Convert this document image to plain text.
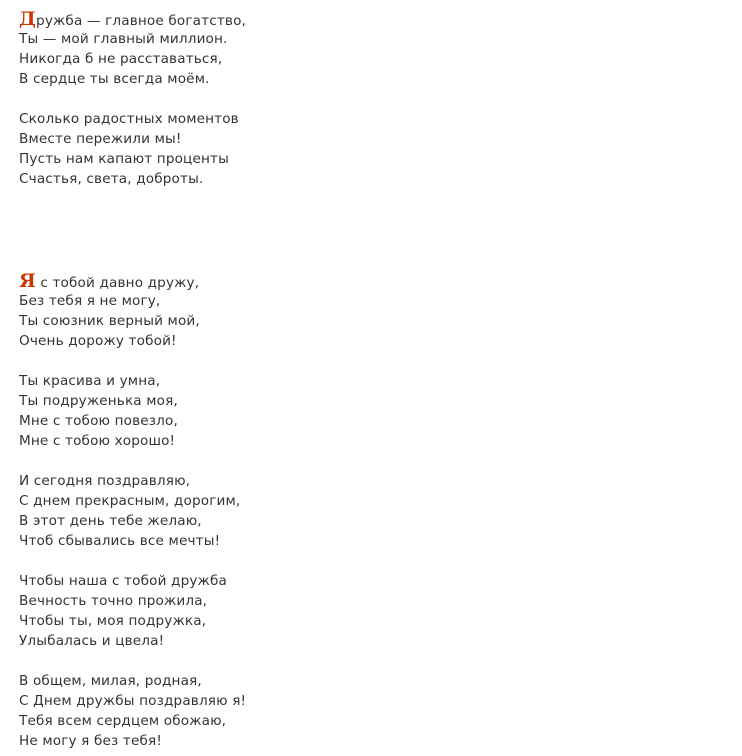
Дружба — главное богатство,
Ты — мой главный миллион.
Никогда б не расставаться,
В сердце ты всегда моём.
Сколько радостных моментов
Вместе пережили мы!
Пусть нам капают проценты
Счастья, света, доброты.
Я с тобой давно дружу,
Без тебя я не могу,
Ты союзник верный мой,
Очень дорожу тобой!
Ты красива и умна,
Ты подруженька моя,
Мне с тобою повезло,
Мне с тобою хорошо!
И сегодня поздравляю,
С днем прекрасным, дорогим,
В этот день тебе желаю,
Чтоб сбывались все мечты!
Чтобы наша с тобой дружба
Вечность точно прожила,
Чтобы ты, моя подружка,
Улыбалась и цвела!
В общем, милая, родная,
С Днем дружбы поздравляю я!
Тебя всем сердцем обожаю,
Не могу я без тебя!
